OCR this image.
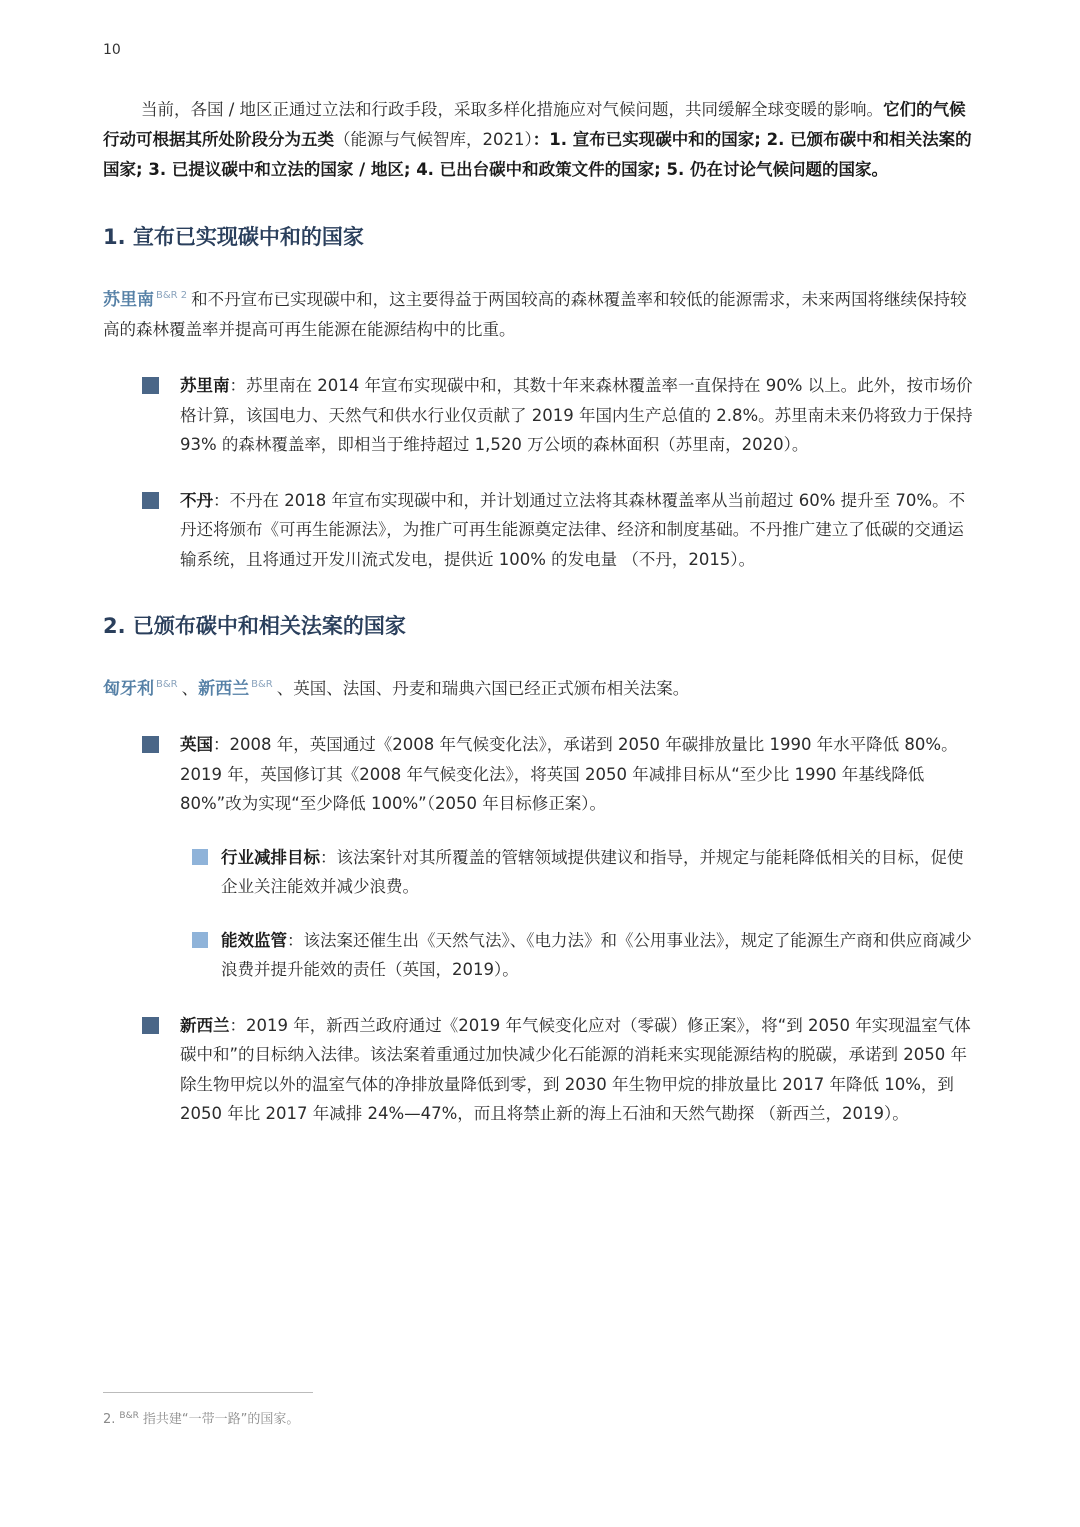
10

当前，各国 / 地区正通过立法和行政手段，采取多样化措施应对气候问题，共同缓解全球变暖的影响。它们的气候行动可根据其所处阶段分为五类（能源与气候智库，2021）：1. 宣布已实现碳中和的国家; 2. 已颁布碳中和相关法案的国家; 3. 已提议碳中和立法的国家 / 地区; 4. 已出台碳中和政策文件的国家; 5. 仍在讨论气候问题的国家。

1. 宣布已实现碳中和的国家

苏里南 $^{B\&R 2}$ 和不丹宣布已实现碳中和，这主要得益于两国较高的森林覆盖率和较低的能源需求，未来两国将继续保持较高的森林覆盖率并提高可再生能源在能源结构中的比重。

苏里南：苏里南在 2014 年宣布实现碳中和，其数十年来森林覆盖率一直保持在 90% 以上。此外，按市场价格计算，该国电力、天然气和供水行业仅贡献了 2019 年国内生产总值的 2.8%。苏里南未来仍将致力于保持93% 的森林覆盖率，即相当于维持超过 1,520 万公顷的森林面积（苏里南，2020）。
不丹：不丹在 2018 年宣布实现碳中和，并计划通过立法将其森林覆盖率从当前超过 60% 提升至 70%。不丹还将颁布《可再生能源法》，为推广可再生能源奠定法律、经济和制度基础。不丹推广建立了低碳的交通运输系统，且将通过开发川流式发电，提供近 100% 的发电量 （不丹，2015）。
2. 已颁布碳中和相关法案的国家

匈牙利 $^{B\&R}$ 、新西兰 $^{B\&R}$ 、英国、法国、丹麦和瑞典六国已经正式颁布相关法案。

英国：2008 年，英国通过《2008 年气候变化法》，承诺到 2050 年碳排放量比 1990 年水平降低 80%。2019 年，英国修订其《2008 年气候变化法》，将英国 2050 年减排目标从“至少比 1990 年基线降低 80%”改为实现“至少降低 100%”（2050 年目标修正案）。
行业减排目标：该法案针对其所覆盖的管辖领域提供建议和指导，并规定与能耗降低相关的目标，促使企业关注能效并减少浪费。
能效监管：该法案还催生出《天然气法》、《电力法》和《公用事业法》，规定了能源生产商和供应商减少浪费并提升能效的责任（英国，2019）。
新西兰：2019 年，新西兰政府通过《2019 年气候变化应对（零碳）修正案》，将“到 2050 年实现温室气体碳中和”的目标纳入法律。该法案着重通过加快减少化石能源的消耗来实现能源结构的脱碳，承诺到 2050 年除生物甲烷以外的温室气体的净排放量降低到零，到 2030 年生物甲烷的排放量比 2017 年降低 10%，到 2050 年比 2017 年减排 24%—47%，而且将禁止新的海上石油和天然气勘探 （新西兰，2019）。
2. $^{B\&R}$ 指共建“一带一路”的国家。
